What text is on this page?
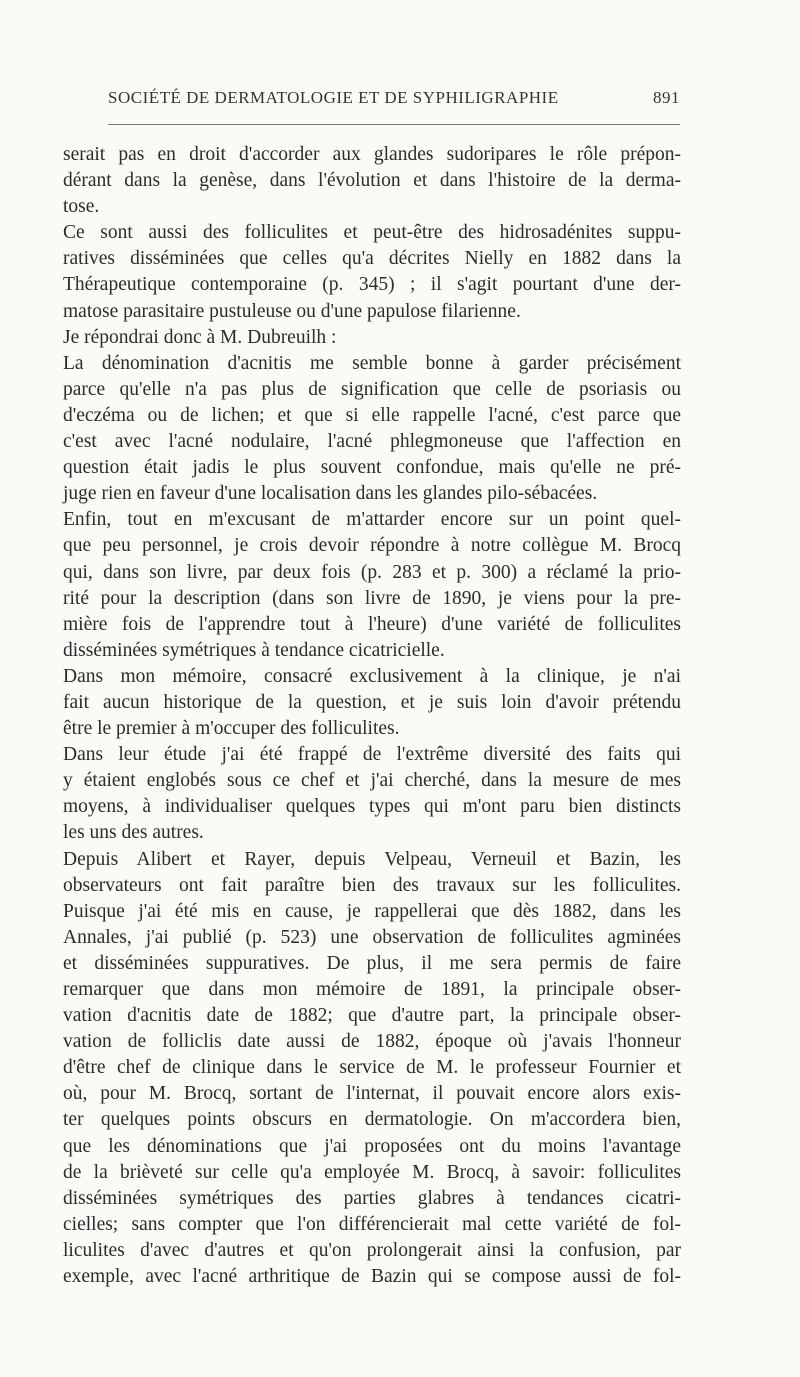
SOCIÉTÉ DE DERMATOLOGIE ET DE SYPHILIGRAPHIE	891
serait pas en droit d'accorder aux glandes sudoripares le rôle prépon-
dérant dans la genèse, dans l'évolution et dans l'histoire de la derma-
tose.
Ce sont aussi des folliculites et peut-être des hidrosadénites suppu-
ratives disséminées que celles qu'a décrites Nielly en 1882 dans la
Thérapeutique contemporaine (p. 345) ; il s'agit pourtant d'une der-
matose parasitaire pustuleuse ou d'une papulose filarienne.
Je répondrai donc à M. Dubreuilh :
La dénomination d'acnitis me semble bonne à garder précisément
parce qu'elle n'a pas plus de signification que celle de psoriasis ou
d'eczéma ou de lichen; et que si elle rappelle l'acné, c'est parce que
c'est avec l'acné nodulaire, l'acné phlegmoneuse que l'affection en
question était jadis le plus souvent confondue, mais qu'elle ne pré-
juge rien en faveur d'une localisation dans les glandes pilo-sébacées.
Enfin, tout en m'excusant de m'attarder encore sur un point quel-
que peu personnel, je crois devoir répondre à notre collègue M. Brocq
qui, dans son livre, par deux fois (p. 283 et p. 300) a réclamé la prio-
rité pour la description (dans son livre de 1890, je viens pour la pre-
mière fois de l'apprendre tout à l'heure) d'une variété de folliculites
disséminées symétriques à tendance cicatricielle.
Dans mon mémoire, consacré exclusivement à la clinique, je n'ai
fait aucun historique de la question, et je suis loin d'avoir prétendu
être le premier à m'occuper des folliculites.
Dans leur étude j'ai été frappé de l'extrême diversité des faits qui
y étaient englobés sous ce chef et j'ai cherché, dans la mesure de mes
moyens, à individualiser quelques types qui m'ont paru bien distincts
les uns des autres.
Depuis Alibert et Rayer, depuis Velpeau, Verneuil et Bazin, les
observateurs ont fait paraître bien des travaux sur les folliculites.
Puisque j'ai été mis en cause, je rappellerai que dès 1882, dans les
Annales, j'ai publié (p. 523) une observation de folliculites agminées
et disséminées suppuratives. De plus, il me sera permis de faire
remarquer que dans mon mémoire de 1891, la principale obser-
vation d'acnitis date de 1882; que d'autre part, la principale obser-
vation de folliclis date aussi de 1882, époque où j'avais l'honneur
d'être chef de clinique dans le service de M. le professeur Fournier et
où, pour M. Brocq, sortant de l'internat, il pouvait encore alors exis-
ter quelques points obscurs en dermatologie. On m'accordera bien,
que les dénominations que j'ai proposées ont du moins l'avantage
de la brièveté sur celle qu'a employée M. Brocq, à savoir: folliculites
disséminées symétriques des parties glabres à tendances cicatri-
cielles; sans compter que l'on différencierait mal cette variété de fol-
liculites d'avec d'autres et qu'on prolongerait ainsi la confusion, par
exemple, avec l'acné arthritique de Bazin qui se compose aussi de fol-
